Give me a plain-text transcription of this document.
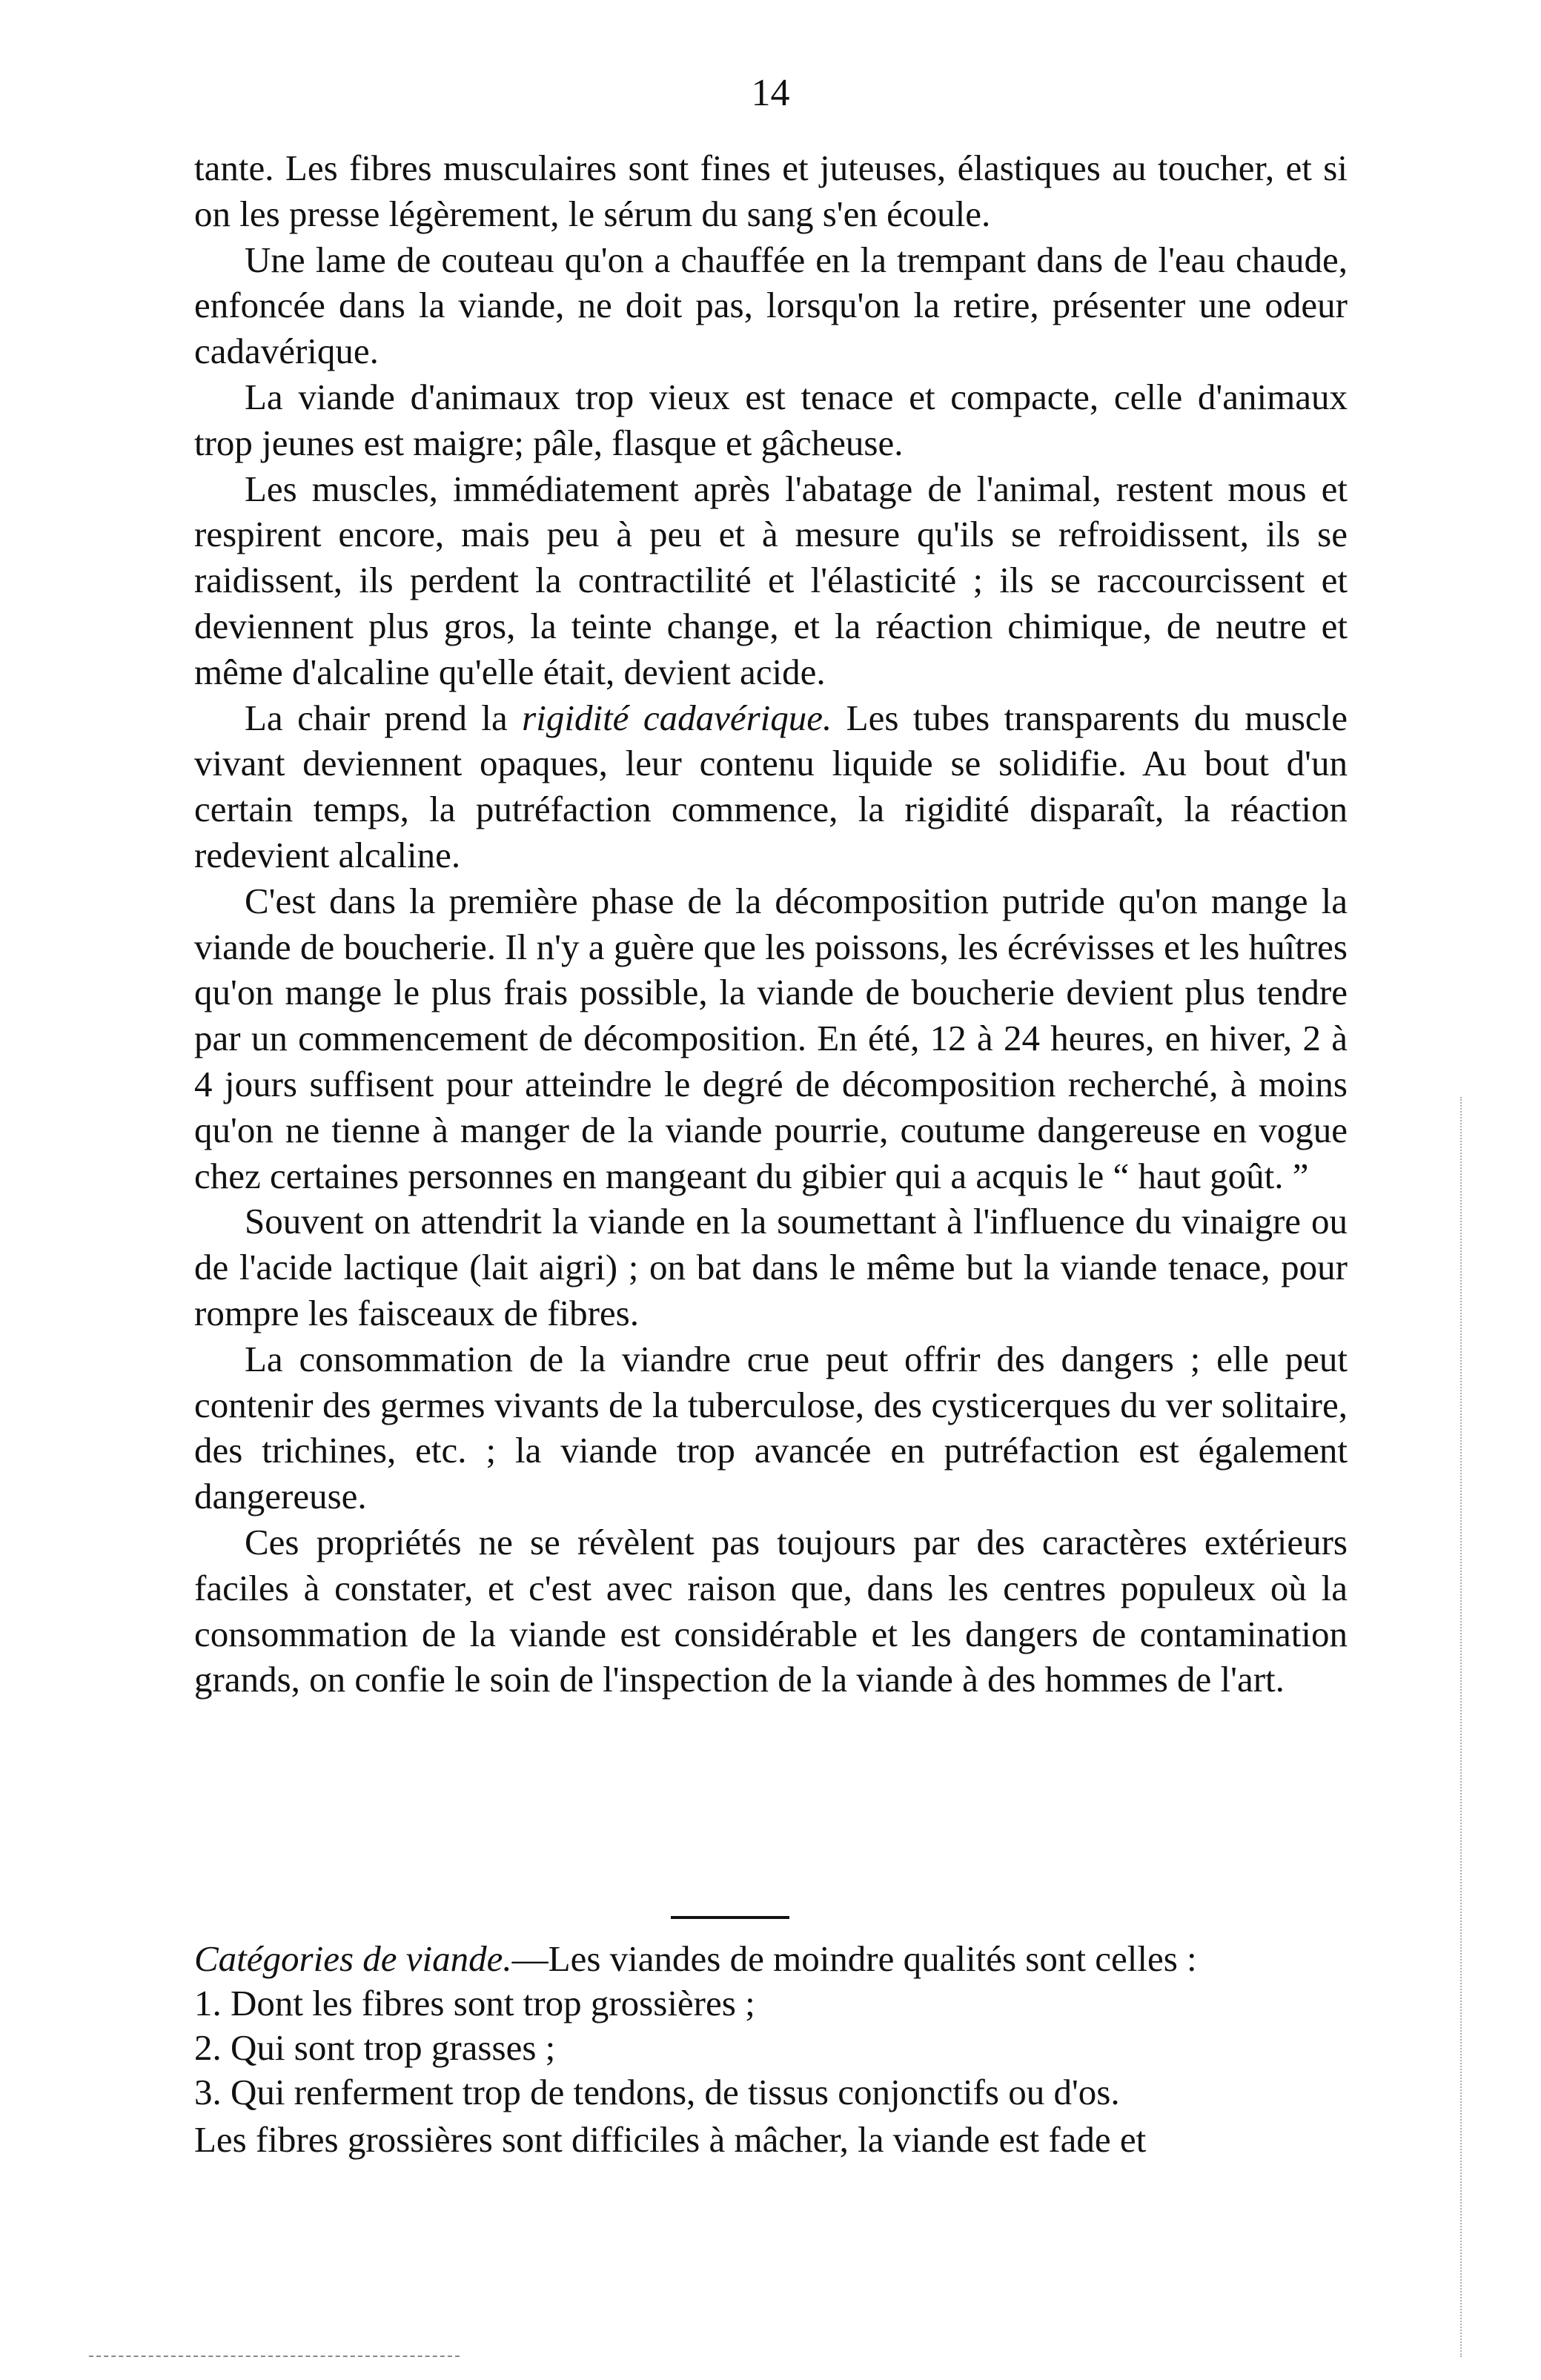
14

tante. Les fibres musculaires sont fines et juteuses, élastiques au toucher, et si on les presse légèrement, le sérum du sang s'en écoule.

Une lame de couteau qu'on a chauffée en la trempant dans de l'eau chaude, enfoncée dans la viande, ne doit pas, lorsqu'on la retire, présenter une odeur cadavérique.

La viande d'animaux trop vieux est tenace et compacte, celle d'animaux trop jeunes est maigre; pâle, flasque et gâcheuse.

Les muscles, immédiatement après l'abatage de l'animal, restent mous et respirent encore, mais peu à peu et à mesure qu'ils se refroidissent, ils se raidissent, ils perdent la contractilité et l'élasticité ; ils se raccourcissent et deviennent plus gros, la teinte change, et la réaction chimique, de neutre et même d'alcaline qu'elle était, devient acide.

La chair prend la rigidité cadavérique. Les tubes transparents du muscle vivant deviennent opaques, leur contenu liquide se solidifie. Au bout d'un certain temps, la putréfaction commence, la rigidité disparaît, la réaction redevient alcaline.

C'est dans la première phase de la décomposition putride qu'on mange la viande de boucherie. Il n'y a guère que les poissons, les écrévisses et les huîtres qu'on mange le plus frais possible, la viande de boucherie devient plus tendre par un commencement de décomposition. En été, 12 à 24 heures, en hiver, 2 à 4 jours suffisent pour atteindre le degré de décomposition recherché, à moins qu'on ne tienne à manger de la viande pourrie, coutume dangereuse en vogue chez certaines personnes en mangeant du gibier qui a acquis le “ haut goût. ”

Souvent on attendrit la viande en la soumettant à l'influence du vinaigre ou de l'acide lactique (lait aigri) ; on bat dans le même but la viande tenace, pour rompre les faisceaux de fibres.

La consommation de la viandre crue peut offrir des dangers ; elle peut contenir des germes vivants de la tuberculose, des cysticerques du ver solitaire, des trichines, etc. ; la viande trop avancée en putréfaction est également dangereuse.

Ces propriétés ne se révèlent pas toujours par des caractères extérieurs faciles à constater, et c'est avec raison que, dans les centres populeux où la consommation de la viande est considérable et les dangers de contamination grands, on confie le soin de l'inspection de la viande à des hommes de l'art.

Catégories de viande.—Les viandes de moindre qualités sont celles :

1. Dont les fibres sont trop grossières ;

2. Qui sont trop grasses ;

3. Qui renferment trop de tendons, de tissus conjonctifs ou d'os.

Les fibres grossières sont difficiles à mâcher, la viande est fade et
